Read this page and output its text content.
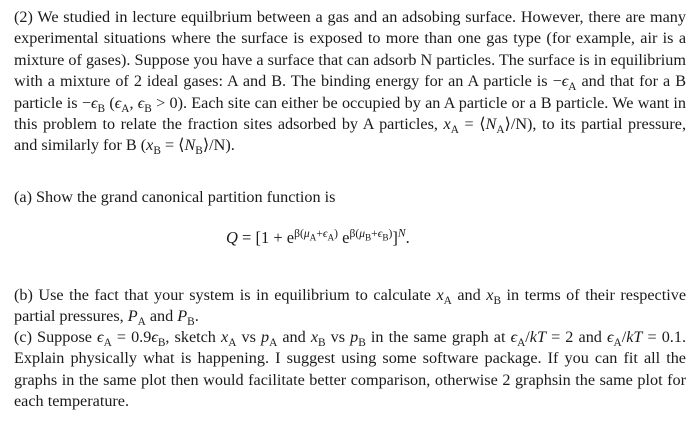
(2) We studied in lecture equilbrium between a gas and an adsobing surface. However, there are many experimental situations where the surface is exposed to more than one gas type (for example, air is a mixture of gases). Suppose you have a surface that can adsorb N particles. The surface is in equilibrium with a mixture of 2 ideal gases: A and B. The binding energy for an A particle is $-\epsilon_A$ and that for a B particle is $-\epsilon_B$ ($\epsilon_A$, $\epsilon_B > 0$). Each site can either be occupied by an A particle or a B particle. We want in this problem to relate the fraction sites adsorbed by A particles, $x_A$ = $⟨N_A⟩/N$), to its partial pressure, and similarly for B ($x_B$ = $⟨N_B⟩/N$).

(a) Show the grand canonical partition function is

$Q = [1 + e^{\beta(\mu_A+\epsilon_A)}$ $e^{\beta(\mu_B+\epsilon_B)}]^N$.

(b) Use the fact that your system is in equilibrium to calculate $x_A$ and $x_B$ in terms of their respective partial pressures, $P_A$ and $P_B$.

(c) Suppose $\epsilon_A = 0.9\epsilon_B$, sketch $x_A$ vs $p_A$ and $x_B$ vs $p_B$ in the same graph at $\epsilon_A/kT = 2$ and $\epsilon_A/kT = 0.1$. Explain physically what is happening. I suggest using some software package. If you can fit all the graphs in the same plot then would facilitate better comparison, otherwise 2 graphsin the same plot for each temperature.
